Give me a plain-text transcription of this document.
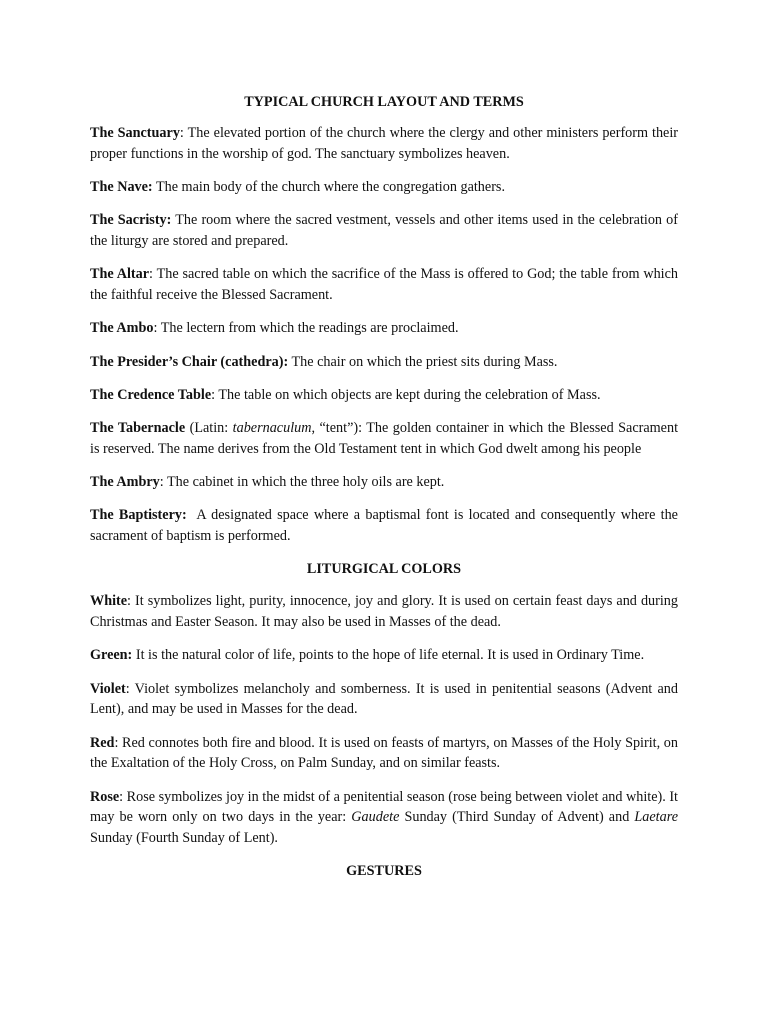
TYPICAL CHURCH LAYOUT AND TERMS

The Sanctuary: The elevated portion of the church where the clergy and other ministers perform their proper functions in the worship of god. The sanctuary symbolizes heaven.

The Nave: The main body of the church where the congregation gathers.

The Sacristy: The room where the sacred vestment, vessels and other items used in the celebration of the liturgy are stored and prepared.

The Altar: The sacred table on which the sacrifice of the Mass is offered to God; the table from which the faithful receive the Blessed Sacrament.

The Ambo: The lectern from which the readings are proclaimed.

The Presider’s Chair (cathedra): The chair on which the priest sits during Mass.

The Credence Table: The table on which objects are kept during the celebration of Mass.

The Tabernacle (Latin: tabernaculum, “tent”): The golden container in which the Blessed Sacrament is reserved. The name derives from the Old Testament tent in which God dwelt among his people

The Ambry: The cabinet in which the three holy oils are kept.

The Baptistery:  A designated space where a baptismal font is located and consequently where the sacrament of baptism is performed.

LITURGICAL COLORS

White: It symbolizes light, purity, innocence, joy and glory. It is used on certain feast days and during Christmas and Easter Season. It may also be used in Masses of the dead.

Green: It is the natural color of life, points to the hope of life eternal. It is used in Ordinary Time.

Violet: Violet symbolizes melancholy and somberness. It is used in penitential seasons (Advent and Lent), and may be used in Masses for the dead.

Red: Red connotes both fire and blood. It is used on feasts of martyrs, on Masses of the Holy Spirit, on the Exaltation of the Holy Cross, on Palm Sunday, and on similar feasts.

Rose: Rose symbolizes joy in the midst of a penitential season (rose being between violet and white). It may be worn only on two days in the year: Gaudete Sunday (Third Sunday of Advent) and Laetare Sunday (Fourth Sunday of Lent).

GESTURES
